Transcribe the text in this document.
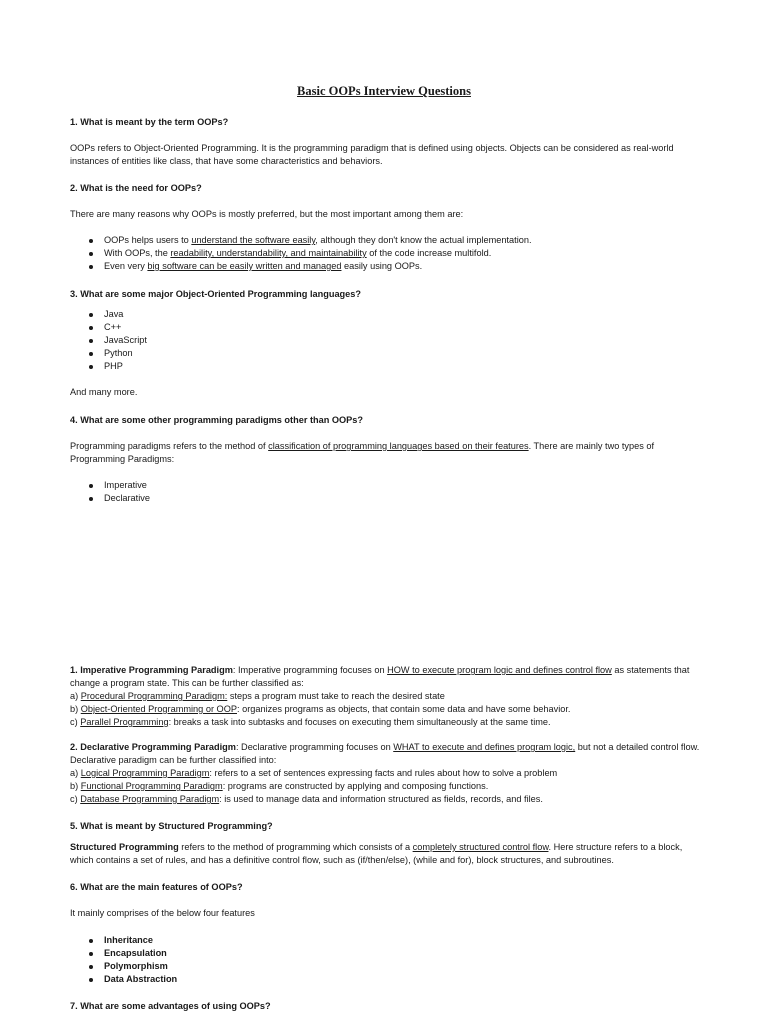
Basic OOPs Interview Questions
1. What is meant by the term OOPs?
OOPs refers to Object-Oriented Programming. It is the programming paradigm that is defined using objects. Objects can be considered as real-world instances of entities like class, that have some characteristics and behaviors.
2. What is the need for OOPs?
There are many reasons why OOPs is mostly preferred, but the most important among them are:
OOPs helps users to understand the software easily, although they don't know the actual implementation.
With OOPs, the readability, understandability, and maintainability of the code increase multifold.
Even very big software can be easily written and managed easily using OOPs.
3. What are some major Object-Oriented Programming languages?
Java
C++
JavaScript
Python
PHP
And many more.
4. What are some other programming paradigms other than OOPs?
Programming paradigms refers to the method of classification of programming languages based on their features. There are mainly two types of Programming Paradigms:
Imperative
Declarative
1. Imperative Programming Paradigm: Imperative programming focuses on HOW to execute program logic and defines control flow as statements that change a program state. This can be further classified as:
a) Procedural Programming Paradigm: steps a program must take to reach the desired state
b) Object-Oriented Programming or OOP: organizes programs as objects, that contain some data and have some behavior.
c) Parallel Programming: breaks a task into subtasks and focuses on executing them simultaneously at the same time.
2. Declarative Programming Paradigm: Declarative programming focuses on WHAT to execute and defines program logic, but not a detailed control flow. Declarative paradigm can be further classified into:
a) Logical Programming Paradigm: refers to a set of sentences expressing facts and rules about how to solve a problem
b) Functional Programming Paradigm: programs are constructed by applying and composing functions.
c) Database Programming Paradigm: is used to manage data and information structured as fields, records, and files.
5. What is meant by Structured Programming?
Structured Programming refers to the method of programming which consists of a completely structured control flow. Here structure refers to a block, which contains a set of rules, and has a definitive control flow, such as (if/then/else), (while and for), block structures, and subroutines.
6. What are the main features of OOPs?
It mainly comprises of the below four features
Inheritance
Encapsulation
Polymorphism
Data Abstraction
7. What are some advantages of using OOPs?
